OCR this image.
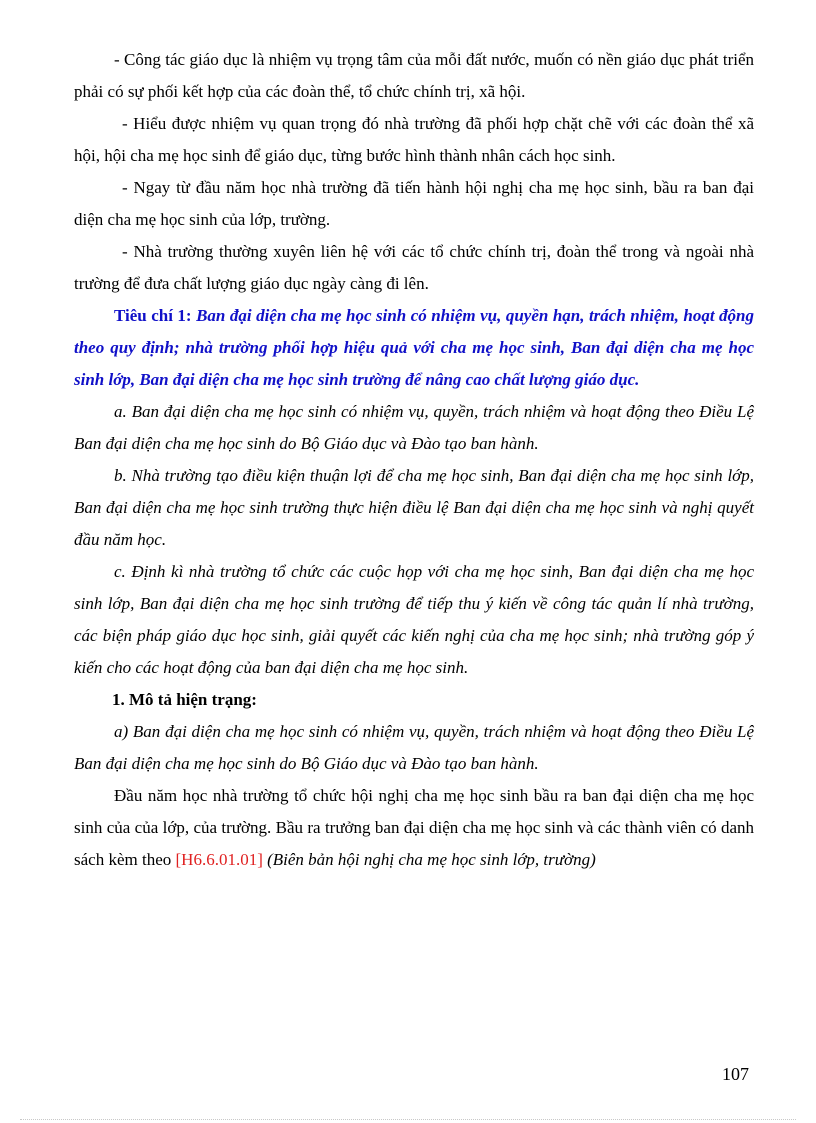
- Công tác giáo dục là nhiệm vụ trọng tâm của mỗi đất nước, muốn có nền giáo dục phát triển phải có sự phối kết hợp của các đoàn thể, tổ chức chính trị, xã hội.

- Hiểu được nhiệm vụ quan trọng đó nhà trường đã phối hợp chặt chẽ với các đoàn thể xã hội, hội cha mẹ học sinh để giáo dục, từng bước hình thành nhân cách học sinh.

- Ngay từ đầu năm học nhà trường đã tiến hành hội nghị cha mẹ học sinh, bầu ra ban đại diện cha mẹ học sinh của lớp, trường.

- Nhà trường thường xuyên liên hệ với các tổ chức chính trị, đoàn thể trong và ngoài nhà trường để đưa chất lượng giáo dục ngày càng đi lên.

Tiêu chí 1: Ban đại diện cha mẹ học sinh có nhiệm vụ, quyền hạn, trách nhiệm, hoạt động theo quy định; nhà trường phối hợp hiệu quả với cha mẹ học sinh, Ban đại diện cha mẹ học sinh lớp, Ban đại diện cha mẹ học sinh trường để nâng cao chất lượng giáo dục.

a. Ban đại diện cha mẹ học sinh có nhiệm vụ, quyền, trách nhiệm và hoạt động theo Điều Lệ Ban đại diện cha mẹ học sinh do Bộ Giáo dục và Đào tạo ban hành.

b. Nhà trường tạo điều kiện thuận lợi để cha mẹ học sinh, Ban đại diện cha mẹ học sinh lớp, Ban đại diện cha mẹ học sinh trường thực hiện điều lệ Ban đại diện cha mẹ học sinh và nghị quyết đầu năm học.

c. Định kì nhà trường tổ chức các cuộc họp với cha mẹ học sinh, Ban đại diện cha mẹ học sinh lớp, Ban đại diện cha mẹ học sinh trường để tiếp thu ý kiến về công tác quản lí nhà trường, các biện pháp giáo dục học sinh, giải quyết các kiến nghị của cha mẹ học sinh; nhà trường góp ý kiến cho các hoạt động của ban đại diện cha mẹ học sinh.

1. Mô tả hiện trạng:

a) Ban đại diện cha mẹ học sinh có nhiệm vụ, quyền, trách nhiệm và hoạt động theo Điều Lệ Ban đại diện cha mẹ học sinh do Bộ Giáo dục và Đào tạo ban hành.

Đầu năm học nhà trường tổ chức hội nghị cha mẹ học sinh bầu ra ban đại diện cha mẹ học sinh của của lớp, của trường. Bầu ra trưởng ban đại diện cha mẹ học sinh và các thành viên có danh sách kèm theo [H6.6.01.01] (Biên bản hội nghị cha mẹ học sinh lớp, trường)

107
